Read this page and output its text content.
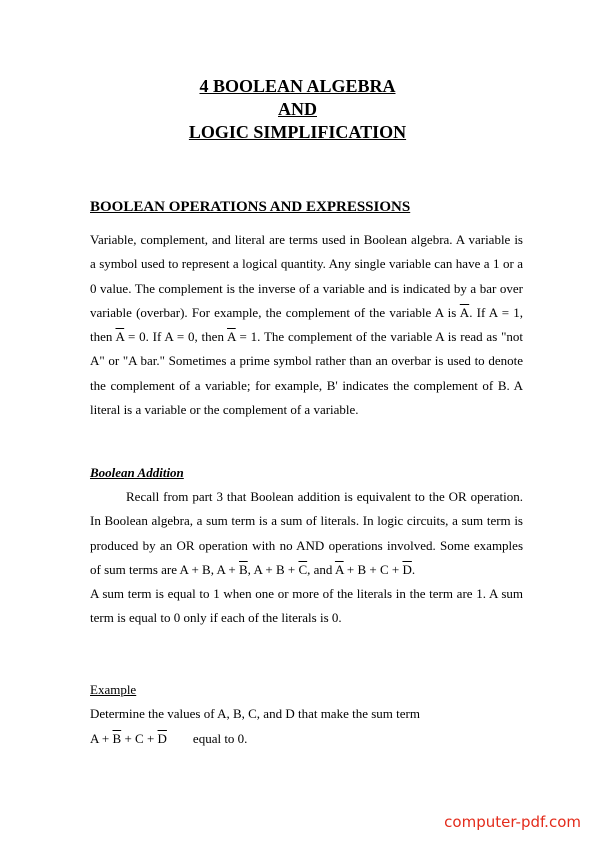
4 BOOLEAN ALGEBRA
AND
LOGIC SIMPLIFICATION
BOOLEAN OPERATIONS AND EXPRESSIONS

Variable, complement, and literal are terms used in Boolean algebra. A variable is a symbol used to represent a logical quantity. Any single variable can have a 1 or a 0 value. The complement is the inverse of a variable and is indicated by a bar over variable (overbar). For example, the complement of the variable A is $\overline{A}$. If A = 1, then $\overline{A} = 0$. If A = 0, then $\overline{A} = 1$. The complement of the variable A is read as "not A" or "A bar." Sometimes a prime symbol rather than an overbar is used to denote the complement of a variable; for example, B' indicates the complement of B. A literal is a variable or the complement of a variable.

Boolean Addition

Recall from part 3 that Boolean addition is equivalent to the OR operation. In Boolean algebra, a sum term is a sum of literals. In logic circuits, a sum term is produced by an OR operation with no AND operations involved. Some examples of sum terms are A + B, $A + \overline{B}$, $A + B + \overline{C}$, and $\overline{A} + B + C + \overline{D}$.
A sum term is equal to 1 when one or more of the literals in the term are 1. A sum term is equal to 0 only if each of the literals is 0.

Example
Determine the values of A, B, C, and D that make the sum term
$A + \overline{B} + C + \overline{D}$ equal to 0.
computer-pdf.com
